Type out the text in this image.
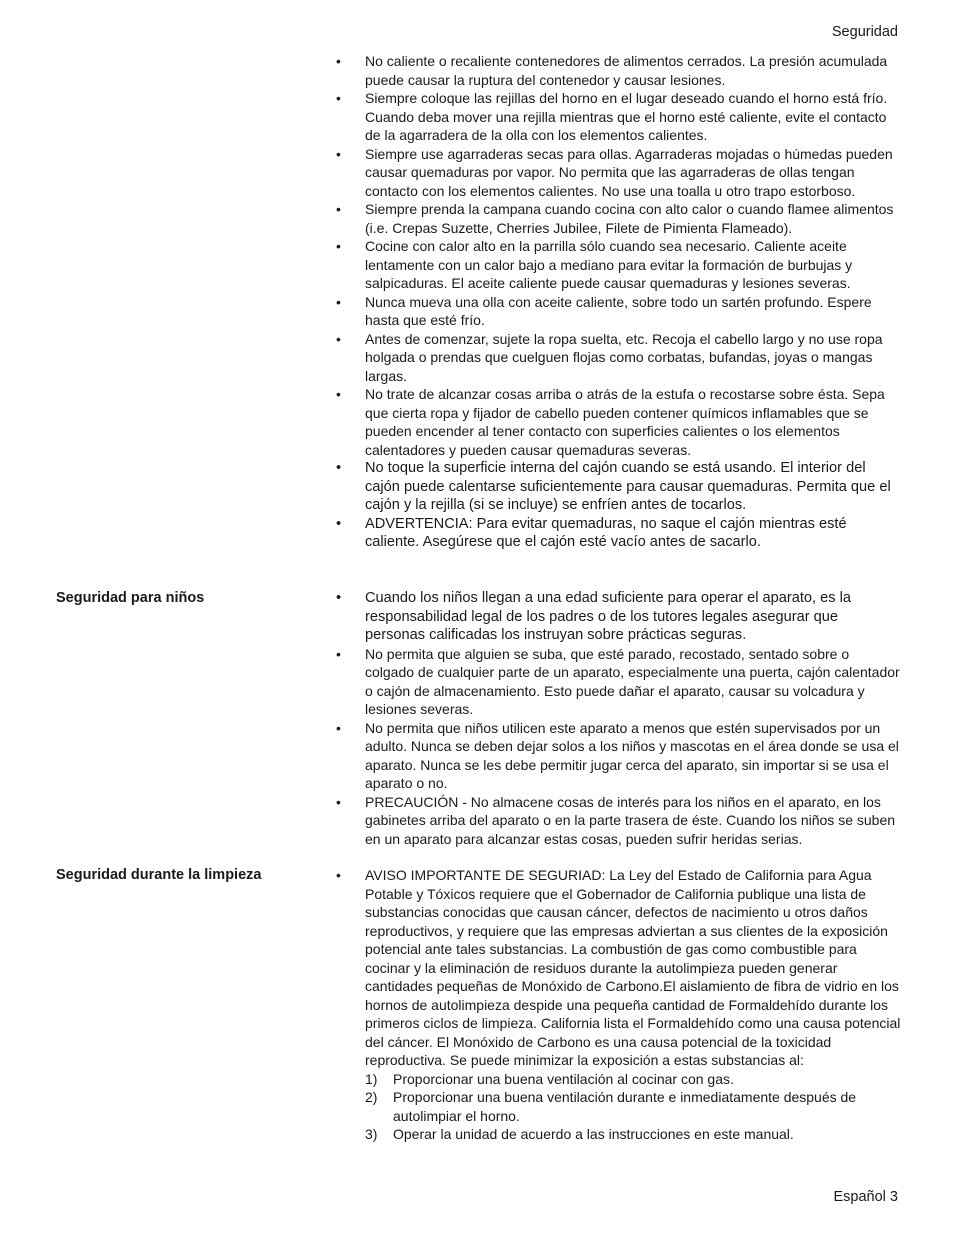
Seguridad
• No caliente o recaliente contenedores de alimentos cerrados. La presión acumulada puede causar la ruptura del contenedor y causar lesiones.
• Siempre coloque las rejillas del horno en el lugar deseado cuando el horno está frío. Cuando deba mover una rejilla mientras que el horno esté caliente, evite el contacto de la agarradera de la olla con los elementos calientes.
• Siempre use agarraderas secas para ollas. Agarraderas mojadas o húmedas pueden causar quemaduras por vapor. No permita que las agarraderas de ollas tengan contacto con los elementos calientes. No use una toalla u otro trapo estorboso.
• Siempre prenda la campana cuando cocina con alto calor o cuando flamee alimentos (i.e. Crepas Suzette, Cherries Jubilee, Filete de Pimienta Flameado).
• Cocine con calor alto en la parrilla sólo cuando sea necesario. Caliente aceite lentamente con un calor bajo a mediano para evitar la formación de burbujas y salpicaduras. El aceite caliente puede causar quemaduras y lesiones severas.
• Nunca mueva una olla con aceite caliente, sobre todo un sartén profundo. Espere hasta que esté frío.
• Antes de comenzar, sujete la ropa suelta, etc. Recoja el cabello largo y no use ropa holgada o prendas que cuelguen flojas como corbatas, bufandas, joyas o mangas largas.
• No trate de alcanzar cosas arriba o atrás de la estufa o recostarse sobre ésta. Sepa que cierta ropa y fijador de cabello pueden contener químicos inflamables que se pueden encender al tener contacto con superficies calientes o los elementos calentadores y pueden causar quemaduras severas.
• No toque la superficie interna del cajón cuando se está usando. El interior del cajón puede calentarse suficientemente para causar quemaduras. Permita que el cajón y la rejilla (si se incluye) se enfríen antes de tocarlos.
• ADVERTENCIA: Para evitar quemaduras, no saque el cajón mientras esté caliente. Asegúrese que el cajón esté vacío antes de sacarlo.
Seguridad para niños	• Cuando los niños llegan a una edad suficiente para operar el aparato, es la responsabilidad legal de los padres o de los tutores legales asegurar que personas calificadas los instruyan sobre prácticas seguras.
• No permita que alguien se suba, que esté parado, recostado, sentado sobre o colgado de cualquier parte de un aparato, especialmente una puerta, cajón calentador o cajón de almacenamiento. Esto puede dañar el aparato, causar su volcadura y lesiones severas.
• No permita que niños utilicen este aparato a menos que estén supervisados por un adulto. Nunca se deben dejar solos a los niños y mascotas en el área donde se usa el aparato. Nunca se les debe permitir jugar cerca del aparato, sin importar si se usa el aparato o no.
• PRECAUCIÓN - No almacene cosas de interés para los niños en el aparato, en los gabinetes arriba del aparato o en la parte trasera de éste. Cuando los niños se suben en un aparato para alcanzar estas cosas, pueden sufrir heridas serias.
Seguridad durante la limpieza	• AVISO IMPORTANTE DE SEGURIAD: La Ley del Estado de California para Agua Potable y Tóxicos requiere que el Gobernador de California publique una lista de substancias conocidas que causan cáncer, defectos de nacimiento u otros daños reproductivos, y requiere que las empresas adviertan a sus clientes de la exposición potencial ante tales substancias. La combustión de gas como combustible para cocinar y la eliminación de residuos durante la autolimpieza pueden generar cantidades pequeñas de Monóxido de Carbono.El aislamiento de fibra de vidrio en los hornos de autolimpieza despide una pequeña cantidad de Formaldehído durante los primeros ciclos de limpieza. California lista el Formaldehído como una causa potencial del cáncer. El Monóxido de Carbono es una causa potencial de la toxicidad reproductiva. Se puede minimizar la exposición a estas substancias al:
1)	Proporcionar una buena ventilación al cocinar con gas.
2)	Proporcionar una buena ventilación durante e inmediatamente después de autolimpiar el horno.
3)	Operar la unidad de acuerdo a las instrucciones en este manual.
Español 3
